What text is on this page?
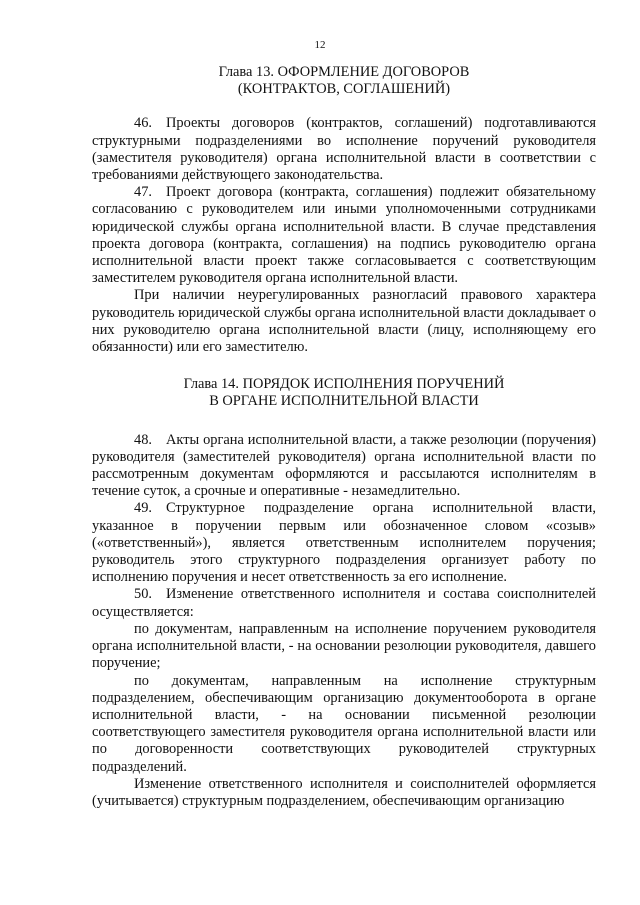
12
Глава 13. ОФОРМЛЕНИЕ ДОГОВОРОВ
(КОНТРАКТОВ, СОГЛАШЕНИЙ)

46. Проекты договоров (контрактов, соглашений) подготавливаются структурными подразделениями во исполнение поручений руководителя (заместителя руководителя) органа исполнительной власти в соответствии с требованиями действующего законодательства.

47. Проект договора (контракта, соглашения) подлежит обязательному согласованию с руководителем или иными уполномоченными сотрудниками юридической службы органа исполнительной власти. В случае представления проекта договора (контракта, соглашения) на подпись руководителю органа исполнительной власти проект также согласовывается с соответствующим заместителем руководителя органа исполнительной власти.

При наличии неурегулированных разногласий правового характера руководитель юридической службы органа исполнительной власти докладывает о них руководителю органа исполнительной власти (лицу, исполняющему его обязанности) или его заместителю.

Глава 14. ПОРЯДОК ИСПОЛНЕНИЯ ПОРУЧЕНИЙ
В ОРГАНЕ ИСПОЛНИТЕЛЬНОЙ ВЛАСТИ

48. Акты органа исполнительной власти, а также резолюции (поручения) руководителя (заместителей руководителя) органа исполнительной власти по рассмотренным документам оформляются и рассылаются исполнителям в течение суток, а срочные и оперативные - незамедлительно.

49. Структурное подразделение органа исполнительной власти, указанное в поручении первым или обозначенное словом «созыв» («ответственный»), является ответственным исполнителем поручения; руководитель этого структурного подразделения организует работу по исполнению поручения и несет ответственность за его исполнение.

50. Изменение ответственного исполнителя и состава соисполнителей осуществляется:

по документам, направленным на исполнение поручением руководителя органа исполнительной власти, - на основании резолюции руководителя, давшего поручение;

по документам, направленным на исполнение структурным подразделением, обеспечивающим организацию документооборота в органе исполнительной власти, - на основании письменной резолюции соответствующего заместителя руководителя органа исполнительной власти или по договоренности соответствующих руководителей структурных подразделений.

Изменение ответственного исполнителя и соисполнителей оформляется (учитывается) структурным подразделением, обеспечивающим организацию
